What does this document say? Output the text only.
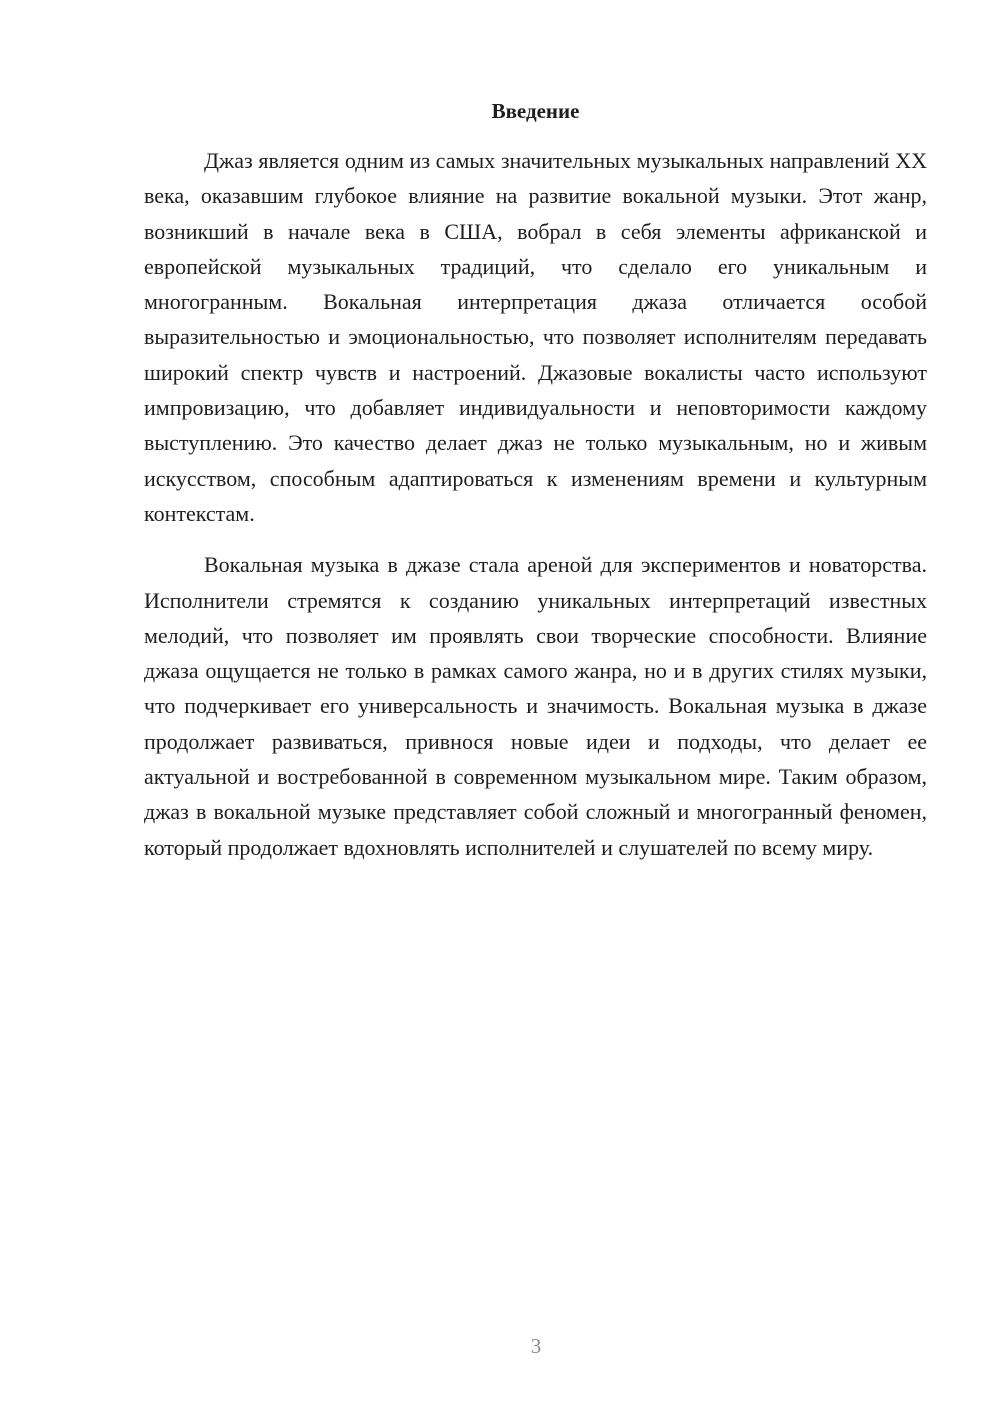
Введение

Джаз является одним из самых значительных музыкальных направлений XX века, оказавшим глубокое влияние на развитие вокальной музыки. Этот жанр, возникший в начале века в США, вобрал в себя элементы африканской и европейской музыкальных традиций, что сделало его уникальным и многогранным. Вокальная интерпретация джаза отличается особой выразительностью и эмоциональностью, что позволяет исполнителям передавать широкий спектр чувств и настроений. Джазовые вокалисты часто используют импровизацию, что добавляет индивидуальности и неповторимости каждому выступлению. Это качество делает джаз не только музыкальным, но и живым искусством, способным адаптироваться к изменениям времени и культурным контекстам.

Вокальная музыка в джазе стала ареной для экспериментов и новаторства. Исполнители стремятся к созданию уникальных интерпретаций известных мелодий, что позволяет им проявлять свои творческие способности. Влияние джаза ощущается не только в рамках самого жанра, но и в других стилях музыки, что подчеркивает его универсальность и значимость. Вокальная музыка в джазе продолжает развиваться, привнося новые идеи и подходы, что делает ее актуальной и востребованной в современном музыкальном мире. Таким образом, джаз в вокальной музыке представляет собой сложный и многогранный феномен, который продолжает вдохновлять исполнителей и слушателей по всему миру.

3
